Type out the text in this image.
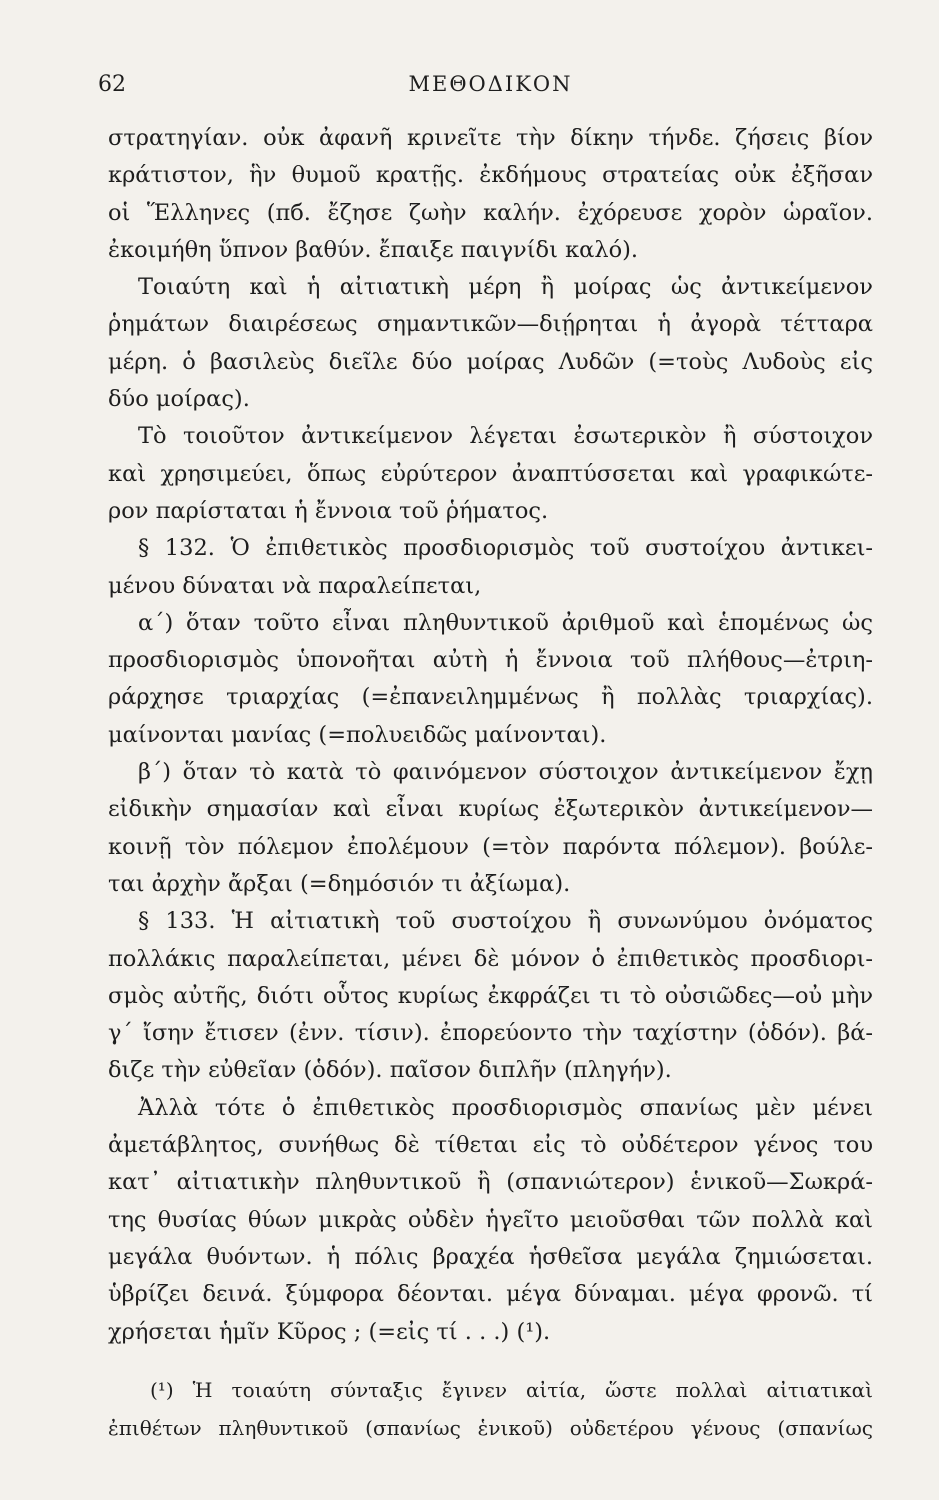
62	ΜΕΘΟΔΙΚΟΝ
στρατηγίαν. οὐκ ἀφανῆ κρινεῖτε τὴν δίκην τήνδε. ζήσεις βίον
κράτιστον, ἣν θυμοῦ κρατῇς. ἐκδήμους στρατείας οὐκ ἐξῆσαν
οἱ Ἕλληνες (πб. ἔζησε ζωὴν καλήν. ἐχόρευσε χορὸν ὡραῖον.
ἐκοιμήθη ὕπνον βαθύν. ἔπαιξε παιγνίδι καλό).
Τοιαύτη καὶ ἡ αἰτιατικὴ μέρη ἢ μοίρας ὡς ἀντικείμενον
ῥημάτων διαιρέσεως σημαντικῶν—διῄρηται ἡ ἀγορὰ τέτταρα
μέρη. ὁ βασιλεὺς διεῖλε δύο μοίρας Λυδῶν (=τοὺς Λυδοὺς εἰς
δύο μοίρας).
Τὸ τοιοῦτον ἀντικείμενον λέγεται ἐσωτερικὸν ἢ σύστοιχον
καὶ χρησιμεύει, ὅπως εὐρύτερον ἀναπτύσσεται καὶ γραφικώτε-
ρον παρίσταται ἡ ἔννοια τοῦ ῥήματος.
§ 132. Ὁ ἐπιθετικὸς προσδιορισμὸς τοῦ συστοίχου ἀντικει-
μένου δύναται νὰ παραλείπεται,
α΄) ὅταν τοῦτο εἶναι πληθυντικοῦ ἀριθμοῦ καὶ ἑπομένως ὡς
προσδιορισμὸς ὑπονοῆται αὐτὴ ἡ ἔννοια τοῦ πλήθους—ἐτριη-
ράρχησε τριαρχίας (=ἐπανειλημμένως ἢ πολλὰς τριαρχίας).
μαίνονται μανίας (=πολυειδῶς μαίνονται).
β΄) ὅταν τὸ κατὰ τὸ φαινόμενον σύστοιχον ἀντικείμενον ἔχῃ
εἰδικὴν σημασίαν καὶ εἶναι κυρίως ἐξωτερικὸν ἀντικείμενον—
κοινῇ τὸν πόλεμον ἐπολέμουν (=τὸν παρόντα πόλεμον). βούλε-
ται ἀρχὴν ἄρξαι (=δημόσιόν τι ἀξίωμα).
§ 133. Ἡ αἰτιατικὴ τοῦ συστοίχου ἢ συνωνύμου ὀνόματος
πολλάκις παραλείπεται, μένει δὲ μόνον ὁ ἐπιθετικὸς προσδιορι-
σμὸς αὐτῆς, διότι οὗτος κυρίως ἐκφράζει τι τὸ οὐσιῶδες—οὐ μὴν
γ΄ ἴσην ἔτισεν (ἐνν. τίσιν). ἐπορεύοντο τὴν ταχίστην (ὁδόν). βά-
διζε τὴν εὐθεῖαν (ὁδόν). παῖσον διπλῆν (πληγήν).
Ἀλλὰ τότε ὁ ἐπιθετικὸς προσδιορισμὸς σπανίως μὲν μένει
ἀμετάβλητος, συνήθως δὲ τίθεται εἰς τὸ οὐδέτερον γένος του
κατ᾽ αἰτιατικὴν πληθυντικοῦ ἢ (σπανιώτερον) ἑνικοῦ—Σωκρά-
της θυσίας θύων μικρὰς οὐδὲν ἡγεῖτο μειοῦσθαι τῶν πολλὰ καὶ
μεγάλα θυόντων. ἡ πόλις βραχέα ἡσθεῖσα μεγάλα ζημιώσεται.
ὑβρίζει δεινά. ξύμφορα δέονται. μέγα δύναμαι. μέγα φρονῶ. τί
χρήσεται ἡμῖν Κῦρος ; (=εἰς τί . . .) (¹).
(¹) Ἡ τοιαύτη σύνταξις ἔγινεν αἰτία, ὥστε πολλαὶ αἰτιατικαὶ
ἐπιθέτων πληθυντικοῦ (σπανίως ἑνικοῦ) οὐδετέρου γένους (σπανίως
